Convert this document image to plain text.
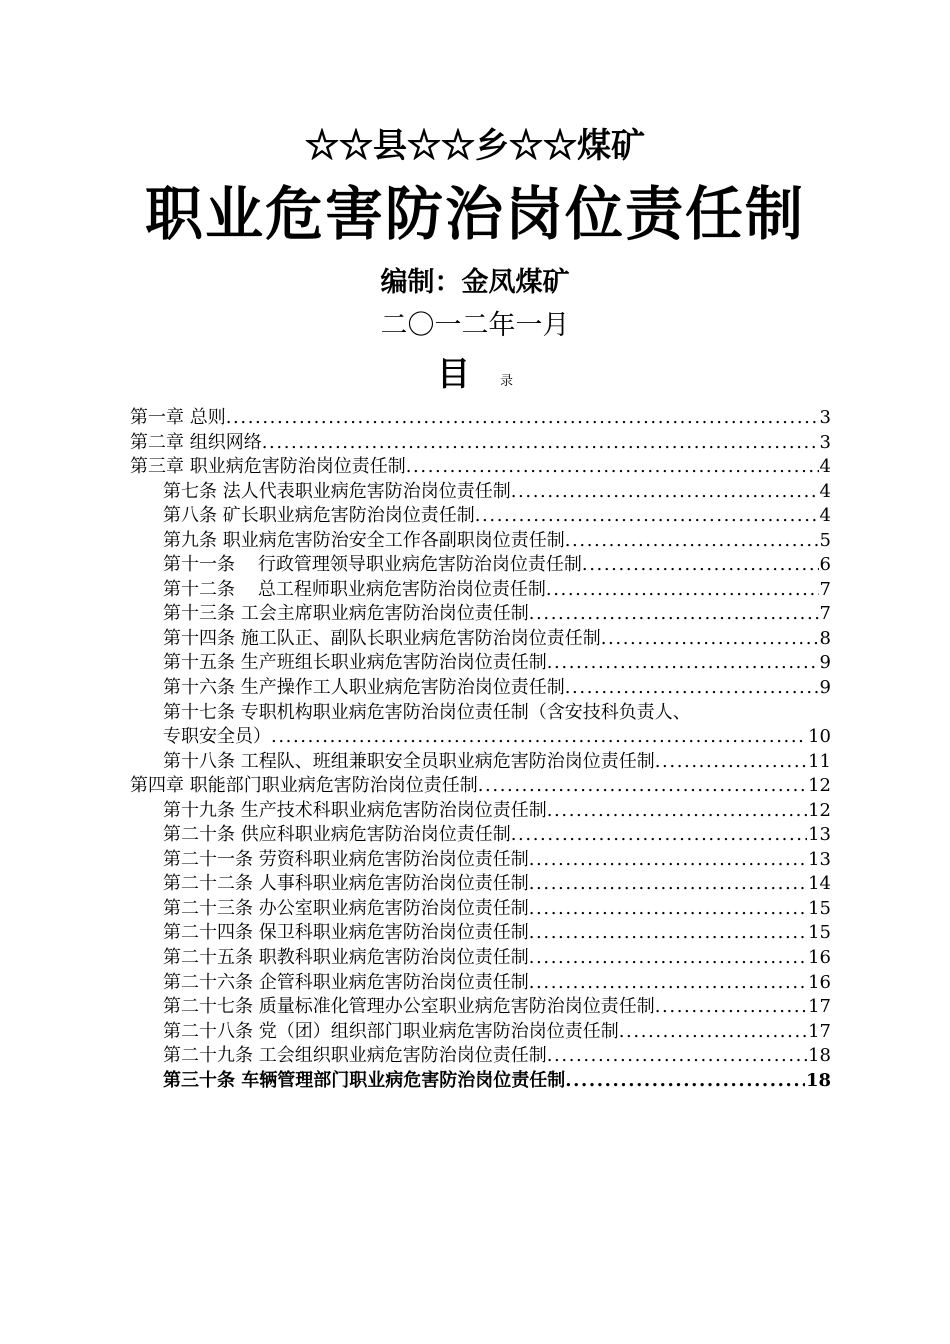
☆☆县☆☆乡☆☆煤矿
职业危害防治岗位责任制
编制：金凤煤矿
二〇一二年一月
目 录
第一章 总则 .....	3
第二章 组织网络 .....	3
第三章 职业病危害防治岗位责任制 .....	4
第七条 法人代表职业病危害防治岗位责任制 .....	4
第八条 矿长职业病危害防治岗位责任制 .....	4
第九条 职业病危害防治安全工作各副职岗位责任制 .....	5
第十一条    行政管理领导职业病危害防治岗位责任制 .....	6
第十二条    总工程师职业病危害防治岗位责任制 .....	7
第十三条 工会主席职业病危害防治岗位责任制 .....	7
第十四条 施工队正、副队长职业病危害防治岗位责任制 .....	8
第十五条 生产班组长职业病危害防治岗位责任制 .....	9
第十六条 生产操作工人职业病危害防治岗位责任制 .....	9
第十七条 专职机构职业病危害防治岗位责任制（含安技科负责人、
专职安全员） .....	10
第十八条 工程队、班组兼职安全员职业病危害防治岗位责任制 .....	11
第四章 职能部门职业病危害防治岗位责任制 .....	12
第十九条 生产技术科职业病危害防治岗位责任制 .....	12
第二十条 供应科职业病危害防治岗位责任制 .....	13
第二十一条 劳资科职业病危害防治岗位责任制 .....	13
第二十二条 人事科职业病危害防治岗位责任制 .....	14
第二十三条 办公室职业病危害防治岗位责任制 .....	15
第二十四条 保卫科职业病危害防治岗位责任制 .....	15
第二十五条 职教科职业病危害防治岗位责任制 .....	16
第二十六条 企管科职业病危害防治岗位责任制 .....	16
第二十七条 质量标准化管理办公室职业病危害防治岗位责任制 .....	17
第二十八条 党（团）组织部门职业病危害防治岗位责任制 .....	17
第二十九条 工会组织职业病危害防治岗位责任制 .....	18
第三十条 车辆管理部门职业病危害防治岗位责任制 .....	18
